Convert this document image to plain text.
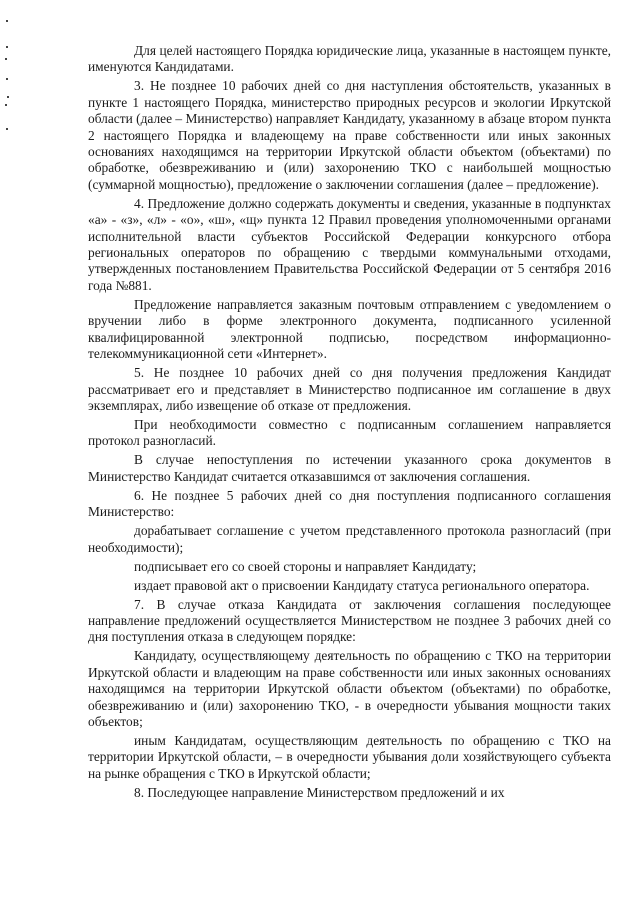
Для целей настоящего Порядка юридические лица, указанные в настоящем пункте, именуются Кандидатами.

3. Не позднее 10 рабочих дней со дня наступления обстоятельств, указанных в пункте 1 настоящего Порядка, министерство природных ресурсов и экологии Иркутской области (далее – Министерство) направляет Кандидату, указанному в абзаце втором пункта 2 настоящего Порядка и владеющему на праве собственности или иных законных основаниях находящимся на территории Иркутской области объектом (объектами) по обработке, обезвреживанию и (или) захоронению ТКО с наибольшей мощностью (суммарной мощностью), предложение о заключении соглашения (далее – предложение).

4. Предложение должно содержать документы и сведения, указанные в подпунктах «а» - «з», «л» - «о», «ш», «щ» пункта 12 Правил проведения уполномоченными органами исполнительной власти субъектов Российской Федерации конкурсного отбора региональных операторов по обращению с твердыми коммунальными отходами, утвержденных постановлением Правительства Российской Федерации от 5 сентября 2016 года №881.

Предложение направляется заказным почтовым отправлением с уведомлением о вручении либо в форме электронного документа, подписанного усиленной квалифицированной электронной подписью, посредством информационно-телекоммуникационной сети «Интернет».

5. Не позднее 10 рабочих дней со дня получения предложения Кандидат рассматривает его и представляет в Министерство подписанное им соглашение в двух экземплярах, либо извещение об отказе от предложения.

При необходимости совместно с подписанным соглашением направляется протокол разногласий.

В случае непоступления по истечении указанного срока документов в Министерство Кандидат считается отказавшимся от заключения соглашения.

6. Не позднее 5 рабочих дней со дня поступления подписанного соглашения Министерство:

дорабатывает соглашение с учетом представленного протокола разногласий (при необходимости);

подписывает его со своей стороны и направляет Кандидату;

издает правовой акт о присвоении Кандидату статуса регионального оператора.

7. В случае отказа Кандидата от заключения соглашения последующее направление предложений осуществляется Министерством не позднее 3 рабочих дней со дня поступления отказа в следующем порядке:

Кандидату, осуществляющему деятельность по обращению с ТКО на территории Иркутской области и владеющим на праве собственности или иных законных основаниях находящимся на территории Иркутской области объектом (объектами) по обработке, обезвреживанию и (или) захоронению ТКО, - в очередности убывания мощности таких объектов;

иным Кандидатам, осуществляющим деятельность по обращению с ТКО на территории Иркутской области, – в очередности убывания доли хозяйствующего субъекта на рынке обращения с ТКО в Иркутской области;

8. Последующее направление Министерством предложений и их
